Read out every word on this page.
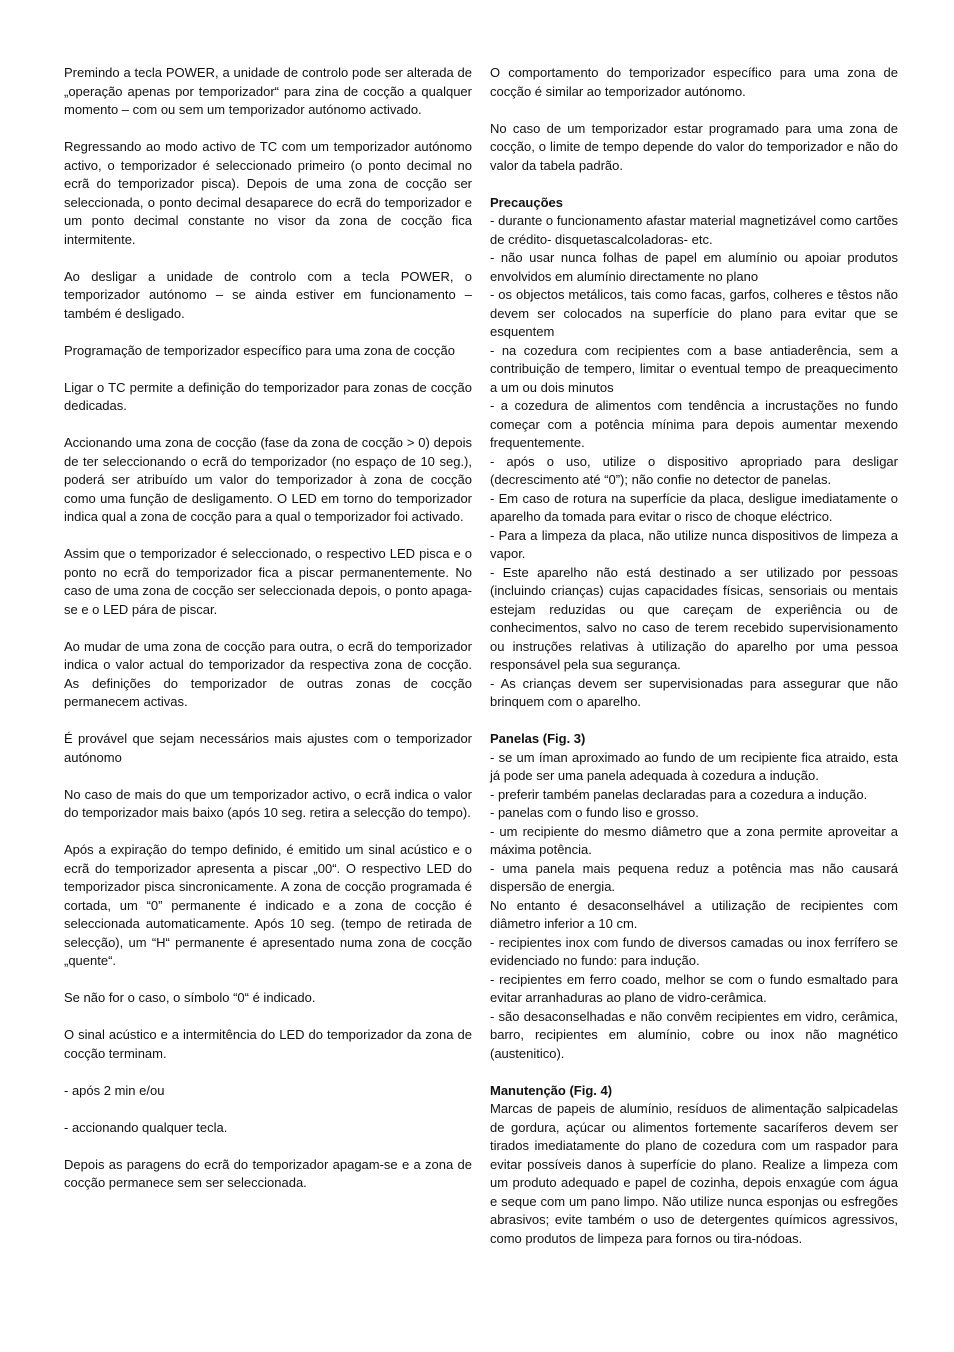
Premindo a tecla POWER, a unidade de controlo pode ser alterada de „operação apenas por temporizador“ para zina de cocção a qualquer momento – com ou sem um temporizador autónomo activado.

Regressando ao modo activo de TC com um temporizador autónomo activo, o temporizador é seleccionado primeiro (o ponto decimal no ecrã do temporizador pisca). Depois de uma zona de cocção ser seleccionada, o ponto decimal desaparece do ecrã do temporizador e um ponto decimal constante no visor da zona de cocção fica intermitente.

Ao desligar a unidade de controlo com a tecla POWER, o temporizador autónomo – se ainda estiver em funcionamento – também é desligado.

Programação de temporizador específico para uma zona de cocção

Ligar o TC permite a definição do temporizador para zonas de cocção dedicadas.

Accionando uma zona de cocção (fase da zona de cocção > 0) depois de ter seleccionando o ecrã do temporizador (no espaço de 10 seg.), poderá ser atribuído um valor do temporizador à zona de cocção como uma função de desligamento. O LED em torno do temporizador indica qual a zona de cocção para a qual o temporizador foi activado.

Assim que o temporizador é seleccionado, o respectivo LED pisca e o ponto no ecrã do temporizador fica a piscar permanentemente. No caso de uma zona de cocção ser seleccionada depois, o ponto apaga-se e o LED pára de piscar.

Ao mudar de uma zona de cocção para outra, o ecrã do temporizador indica o valor actual do temporizador da respectiva zona de cocção. As definições do temporizador de outras zonas de cocção permanecem activas.

É provável que sejam necessários mais ajustes com o temporizador autónomo

No caso de mais do que um temporizador activo, o ecrã indica o valor do temporizador mais baixo (após 10 seg. retira a selecção do tempo).

Após a expiração do tempo definido, é emitido um sinal acústico e o ecrã do temporizador apresenta a piscar „00“. O respectivo LED do temporizador pisca sincronicamente. A zona de cocção programada é cortada, um “0” permanente é indicado e a zona de cocção é seleccionada automaticamente. Após 10 seg. (tempo de retirada de selecção), um “H“ permanente é apresentado numa zona de cocção „quente“.

Se não for o caso, o símbolo “0“ é indicado.

O sinal acústico e a intermitência do LED do temporizador da zona de cocção terminam.

- após 2 min e/ou

- accionando qualquer tecla.

Depois as paragens do ecrã do temporizador apagam-se e a zona de cocção permanece sem ser seleccionada.

O comportamento do temporizador específico para uma zona de cocção é similar ao temporizador autónomo.

No caso de um temporizador estar programado para uma zona de cocção, o limite de tempo depende do valor do temporizador e não do valor da tabela padrão.

Precauções

- durante o funcionamento afastar material magnetizável como cartões de crédito- disquetascalcoladoras- etc.

- não usar nunca folhas de papel em alumínio ou apoiar produtos envolvidos em alumínio directamente no plano

- os objectos metálicos, tais como facas, garfos, colheres e têstos não devem ser colocados na superfície do plano para evitar que se esquentem

- na cozedura com recipientes com a base antiaderência, sem a contribuição de tempero, limitar o eventual tempo de preaquecimento a um ou dois minutos

- a cozedura de alimentos com tendência a incrustações no fundo começar com a potência mínima para depois aumentar mexendo frequentemente.

- após o uso, utilize o dispositivo apropriado para desligar (decrescimento até “0”); não confie no detector de panelas.

- Em caso de rotura na superfície da placa, desligue imediatamente o aparelho da tomada para evitar o risco de choque eléctrico.

- Para a limpeza da placa, não utilize nunca dispositivos de limpeza a vapor.

- Este aparelho não está destinado a ser utilizado por pessoas (incluindo crianças) cujas capacidades físicas, sensoriais ou mentais estejam reduzidas ou que careçam de experiência ou de conhecimentos, salvo no caso de terem recebido supervisionamento ou instruções relativas à utilização do aparelho por uma pessoa responsável pela sua segurança.

- As crianças devem ser supervisionadas para assegurar que não brinquem com o aparelho.

Panelas (Fig. 3)

- se um íman aproximado ao fundo de um recipiente fica atraido, esta já pode ser uma panela adequada à cozedura a indução.

- preferir também panelas declaradas para a cozedura a indução.

- panelas com o fundo liso e grosso.

- um recipiente do mesmo diâmetro que a zona permite aproveitar a máxima potência.

- uma panela mais pequena reduz a potência mas não causará dispersão de energia.

No entanto é desaconselhável a utilização de recipientes com diâmetro inferior a 10 cm.

- recipientes inox com fundo de diversos camadas ou inox ferrífero se evidenciado no fundo: para indução.

- recipientes em ferro coado, melhor se com o fundo esmaltado para evitar arranhaduras ao plano de vidro-cerâmica.

- são desaconselhadas e não convêm recipientes em vidro, cerâmica, barro, recipientes em alumínio, cobre ou inox não magnético (austenitico).

Manutenção (Fig. 4)

Marcas de papeis de alumínio, resíduos de alimentação salpicadelas de gordura, açúcar ou alimentos fortemente sacaríferos devem ser tirados imediatamente do plano de cozedura com um raspador para evitar possíveis danos à superfície do plano. Realize a limpeza com um produto adequado e papel de cozinha, depois enxagúe com água e seque com um pano limpo. Não utilize nunca esponjas ou esfregões abrasivos; evite também o uso de detergentes químicos agressivos, como produtos de limpeza para fornos ou tira-nódoas.
